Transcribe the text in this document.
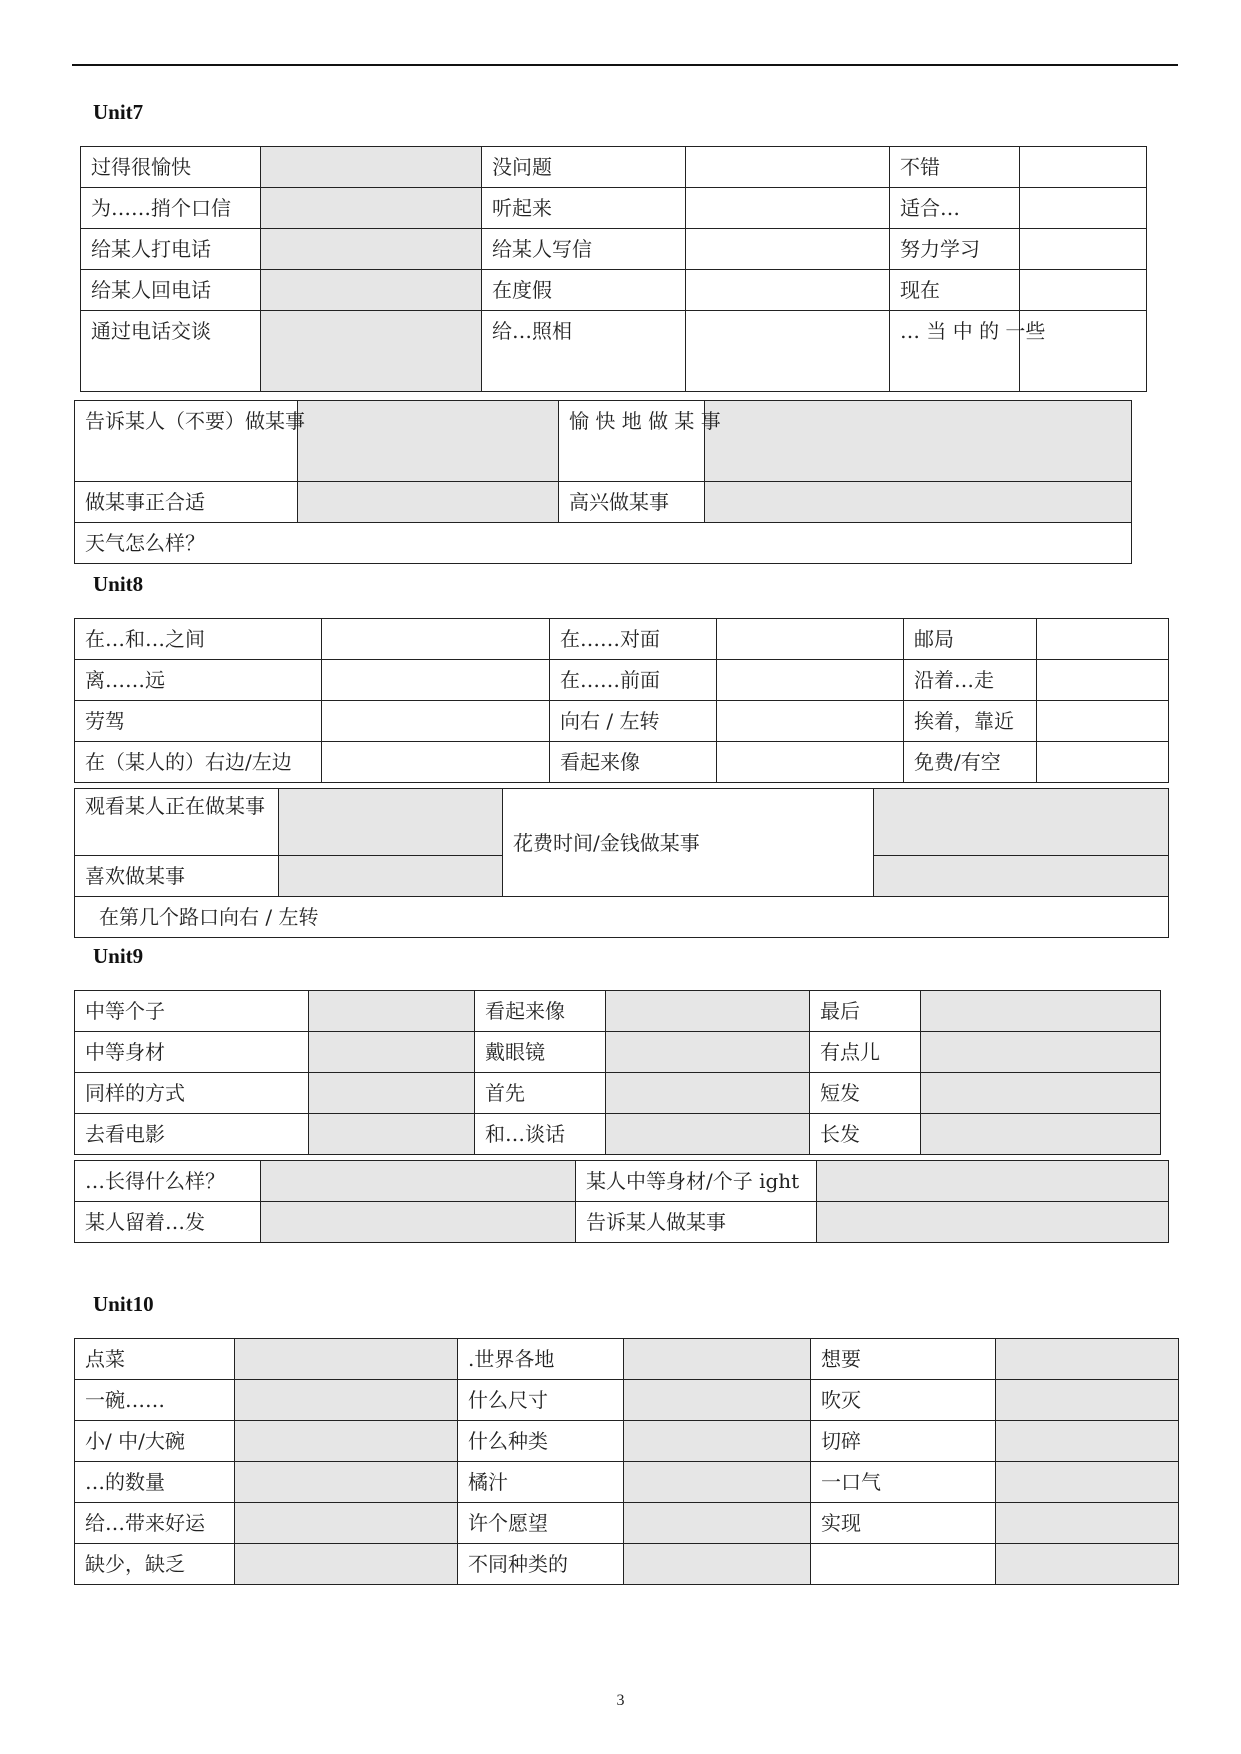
Unit7
过得很愉快		没问题		不错	
为……捎个口信		听起来		适合…	
给某人打电话		给某人写信		努力学习	
给某人回电话		在度假		现在	
通过电话交谈		给…照相		… 当 中 的 一些	
告诉某人（不要）做某事		愉 快 地 做 某 事	
做某事正合适		高兴做某事	
天气怎么样？			
Unit8
在…和…之间		在……对面		邮局	
离……远		在……前面		沿着…走	
劳驾		向右 / 左转		挨着，靠近	
在（某人的）右边/左边		看起来像		免费/有空	
观看某人正在做某事		花费时间/金钱做某事	
喜欢做某事			
在第几个路口向右 / 左转			
Unit9
中等个子		看起来像		最后	
中等身材		戴眼镜		有点儿	
同样的方式		首先		短发	
去看电影		和…谈话		长发	
…长得什么样？		某人中等身材/个子 ight	
某人留着…发		告诉某人做某事	
Unit10
点菜		.世界各地		想要	
一碗……		什么尺寸		吹灭	
小/ 中/大碗		什么种类		切碎	
…的数量		橘汁		一口气	
给…带来好运		许个愿望		实现	
缺少，缺乏		不同种类的			
3
